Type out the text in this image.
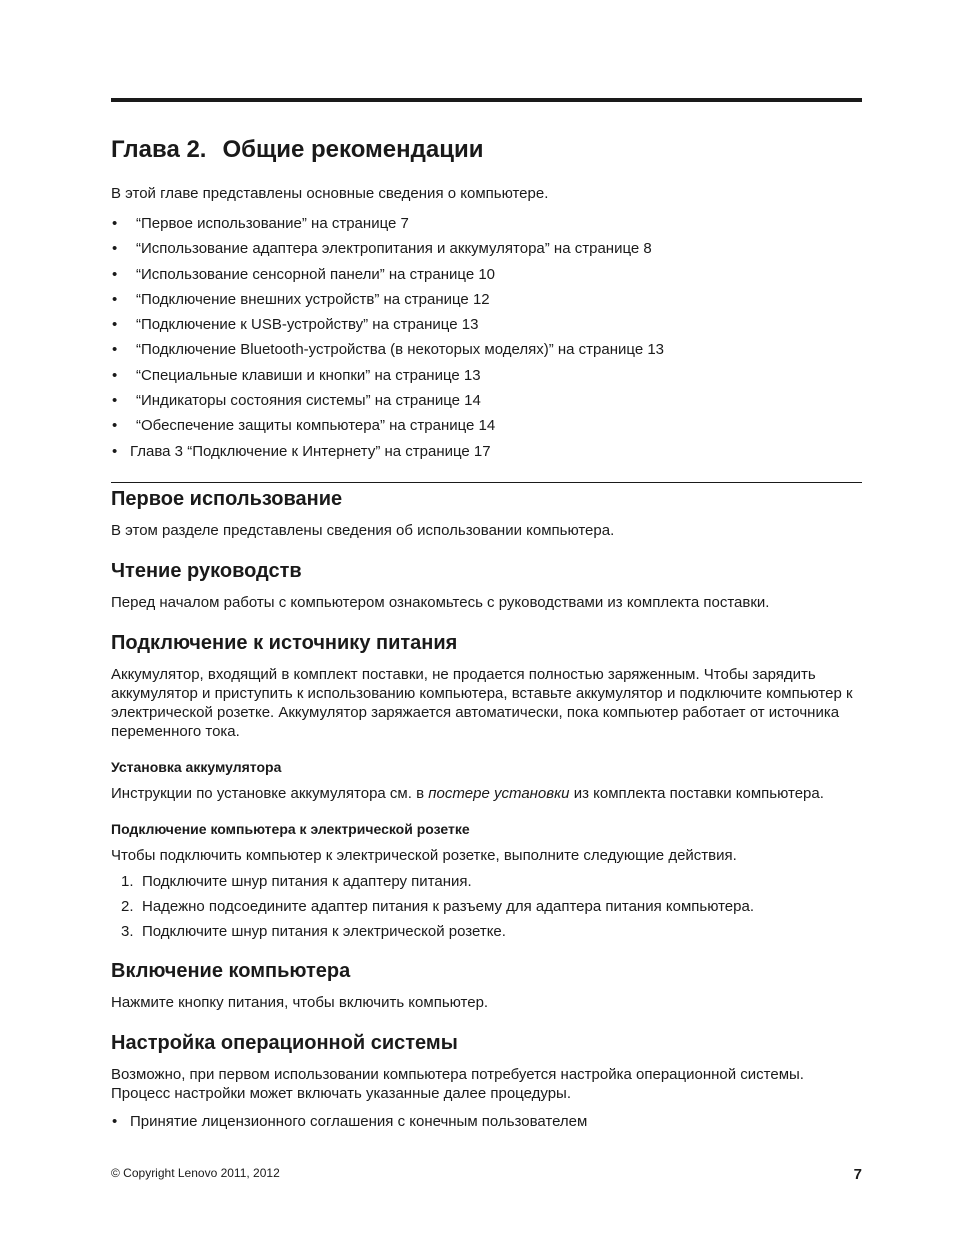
Глава 2. Общие рекомендации

В этой главе представлены основные сведения о компьютере.

• “Первое использование” на странице 7
• “Использование адаптера электропитания и аккумулятора” на странице 8
• “Использование сенсорной панели” на странице 10
• “Подключение внешних устройств” на странице 12
• “Подключение к USB-устройству” на странице 13
• “Подключение Bluetooth-устройства (в некоторых моделях)” на странице 13
• “Специальные клавиши и кнопки” на странице 13
• “Индикаторы состояния системы” на странице 14
• “Обеспечение защиты компьютера” на странице 14
• Глава 3 “Подключение к Интернету” на странице 17
Первое использование

В этом разделе представлены сведения об использовании компьютера.

Чтение руководств

Перед началом работы с компьютером ознакомьтесь с руководствами из комплекта поставки.

Подключение к источнику питания

Аккумулятор, входящий в комплект поставки, не продается полностью заряженным. Чтобы зарядить аккумулятор и приступить к использованию компьютера, вставьте аккумулятор и подключите компьютер к электрической розетке. Аккумулятор заряжается автоматически, пока компьютер работает от источника переменного тока.

Установка аккумулятора

Инструкции по установке аккумулятора см. в постере установки из комплекта поставки компьютера.

Подключение компьютера к электрической розетке

Чтобы подключить компьютер к электрической розетке, выполните следующие действия.

1. Подключите шнур питания к адаптеру питания.
2. Надежно подсоедините адаптер питания к разъему для адаптера питания компьютера.
3. Подключите шнур питания к электрической розетке.
Включение компьютера

Нажмите кнопку питания, чтобы включить компьютер.

Настройка операционной системы

Возможно, при первом использовании компьютера потребуется настройка операционной системы. Процесс настройки может включать указанные далее процедуры.

• Принятие лицензионного соглашения с конечным пользователем
© Copyright Lenovo 2011, 2012	7
